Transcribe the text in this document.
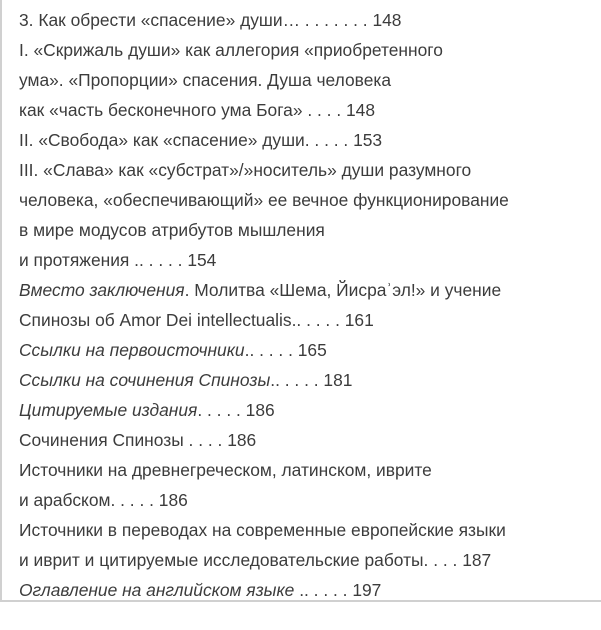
3. Как обрести «спасение» души… . . . . . . . 148
I. «Скрижаль души» как аллегория «приобретенного
ума». «Пропорции» спасения. Душа человека
как «часть бесконечного ума Бога» . . . . 148
II. «Свобода» как «спасение» души. . . . . 153
III. «Слава» как «субстрат»/»носитель» души разумного
человека, «обеспечивающий» ее вечное функционирование
в мире модусов атрибутов мышления
и протяжения .. . . . . 154
Вместо заключения. Молитва «Шема, Йисраʾэл!» и учение
Спинозы об Amor Dei intellectualis.. . . . . 161
Ссылки на первоисточники.. . . . . 165
Ссылки на сочинения Спинозы.. . . . . 181
Цитируемые издания. . . . . 186
Сочинения Спинозы . . . . 186
Источники на древнегреческом, латинском, иврите
и арабском. . . . . 186
Источники в переводах на современные европейские языки
и иврит и цитируемые исследовательские работы. . . . 187
Оглавление на английском языке .. . . . . 197
